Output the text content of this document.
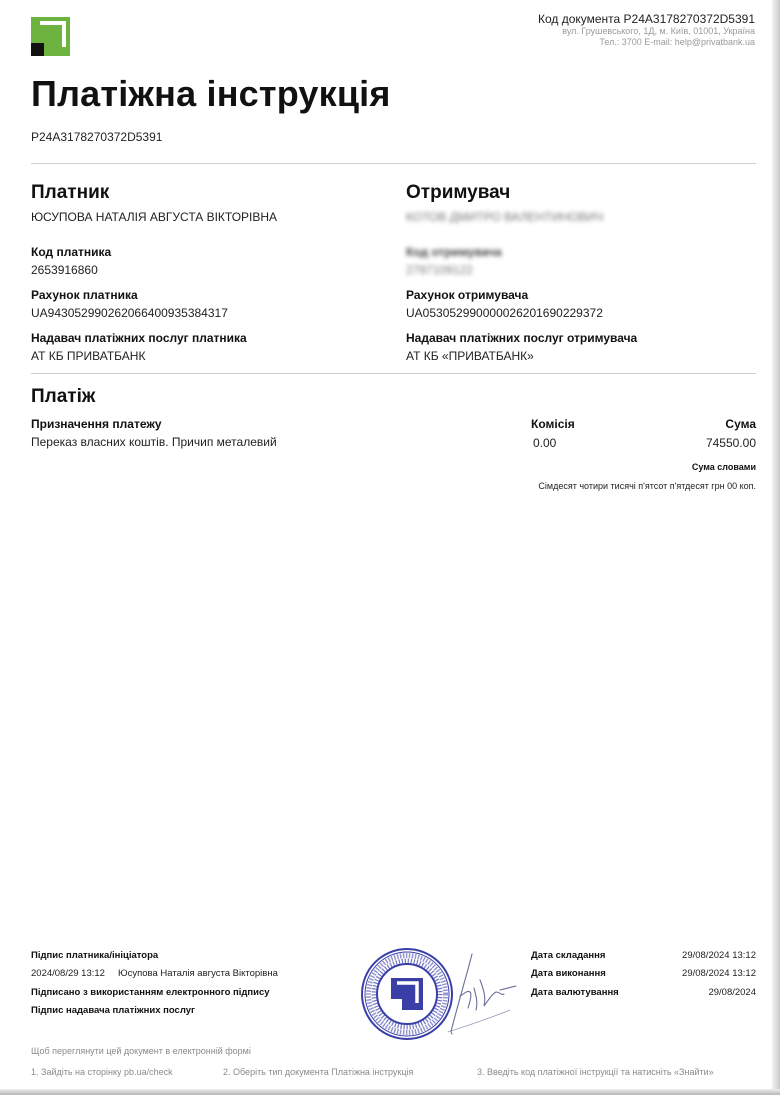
Код документа P24A3178270372D5391
вул. Грушевського, 1Д, м. Київ, 01001, Україна
Тел.: 3700 E-mail: help@privatbank.ua
Платіжна інструкція
P24A3178270372D5391
Платник
ЮСУПОВА НАТАЛІЯ АВГУСТА ВІКТОРІВНА
Код платника
2653916860
Рахунок платника
UA943052990262066400935384317
Надавач платіжних послуг платника
АТ КБ ПРИВАТБАНК
Отримувач
КОТОВ ДМИТРО ВАЛЕНТИНОВИЧ
Код отримувача
2797109122
Рахунок отримувача
UA053052990000026201690229372
Надавач платіжних послуг отримувача
АТ КБ «ПРИВАТБАНК»
Платіж
Призначення платежу
Переказ власних коштів. Причип металевий
Комісія
0.00
Сума
74550.00
Сума словами
Сімдесят чотири тисячі п'ятсот п'ятдесят грн 00 коп.
Підпис платника/ініціатора
2024/08/29 13:12 Юсупова Наталія августа Вікторівна
Підписано з використанням електронного підпису
Підпис надавача платіжних послуг
Дата складання	29/08/2024 13:12
Дата виконання	29/08/2024 13:12
Дата валютування	29/08/2024
Щоб переглянути цей документ в електронній формі
1. Зайдіть на сторінку pb.ua/check	2. Оберіть тип документа Платіжна інструкція	3. Введіть код платіжної інструкції та натисніть «Знайти»
